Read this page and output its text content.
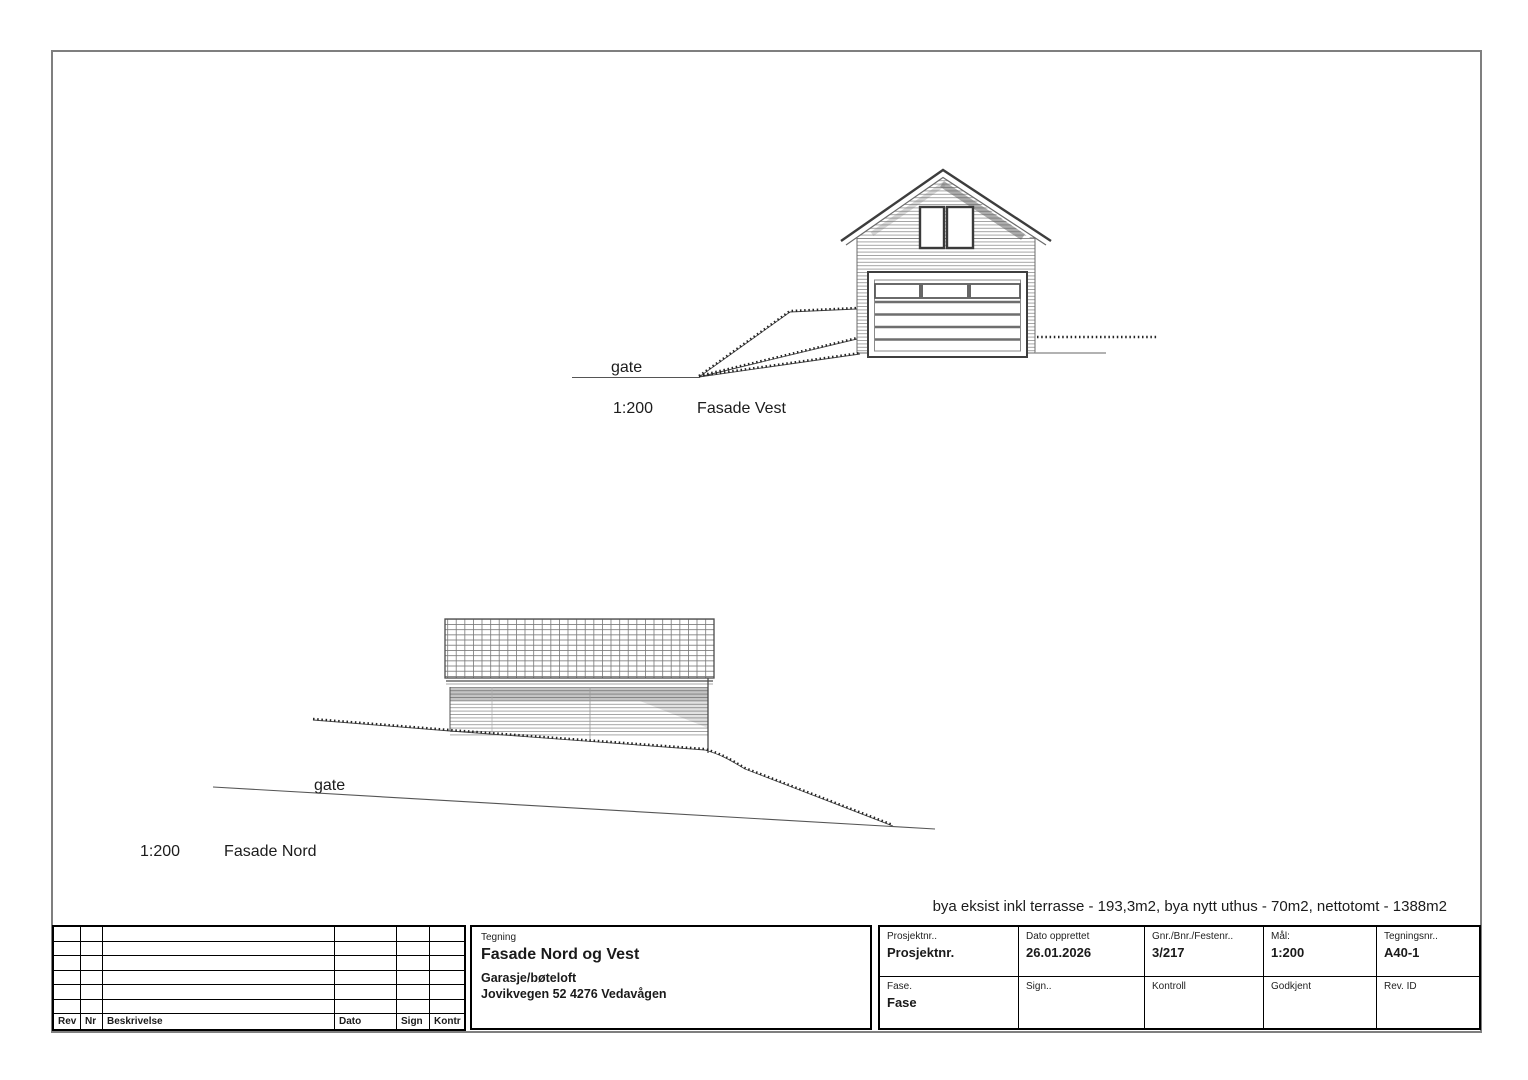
gate
1:200	Fasade Vest
gate
1:200	Fasade Nord
bya eksist inkl terrasse - 193,3m2, bya nytt uthus - 70m2, nettotomt - 1388m2
Rev Nr	Beskrivelse	Dato	Sign	Kontr
Tegning
Fasade Nord og Vest
Garasje/bøteloft
Jovikvegen 52 4276 Vedavågen
Prosjektnr..
Prosjektnr.
Dato opprettet
26.01.2026
Gnr./Bnr./Festenr..
3/217
Mål:
1:200
Tegningsnr..
A40-1
Fase.
Fase
Sign..	Kontroll	Godkjent	Rev. ID
